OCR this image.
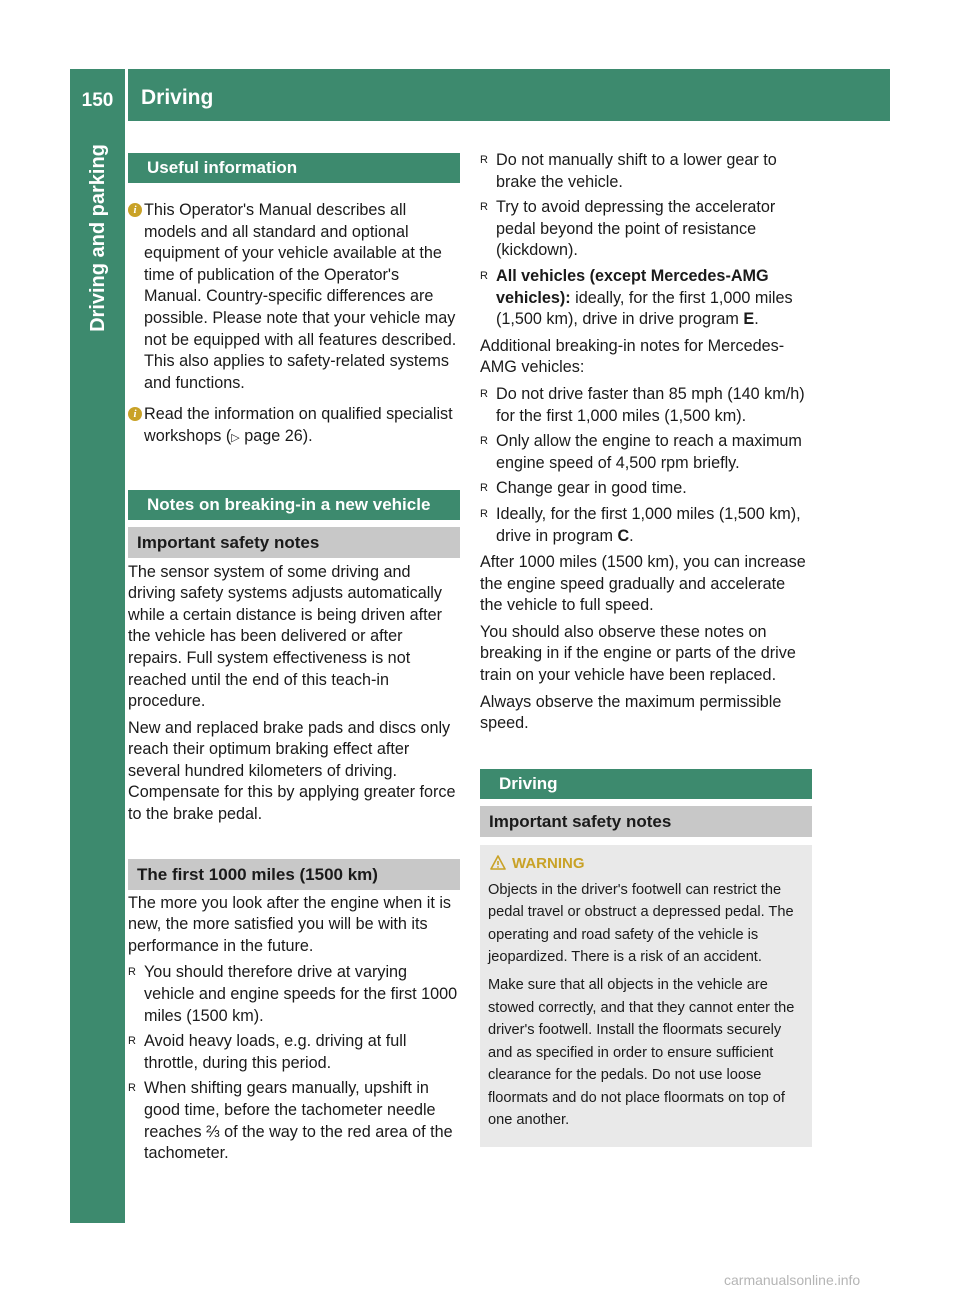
150	Driving
Driving and parking	Useful information
i This Operator's Manual describes all models and all standard and optional equipment of your vehicle available at the time of publication of the Operator's Manual. Country-specific differences are possible. Please note that your vehicle may not be equipped with all features described. This also applies to safety-related systems and functions.
i Read the information on qualified specialist workshops (▷ page 26).
Notes on breaking-in a new vehicle
Important safety notes

The sensor system of some driving and driving safety systems adjusts automatically while a certain distance is being driven after the vehicle has been delivered or after repairs. Full system effectiveness is not reached until the end of this teach-in procedure.

New and replaced brake pads and discs only reach their optimum braking effect after several hundred kilometers of driving. Compensate for this by applying greater force to the brake pedal.

The first 1000 miles (1500 km)

The more you look after the engine when it is new, the more satisfied you will be with its performance in the future.

R You should therefore drive at varying vehicle and engine speeds for the first 1000 miles (1500 km).
R Avoid heavy loads, e.g. driving at full throttle, during this period.
R When shifting gears manually, upshift in good time, before the tachometer needle reaches ⅔ of the way to the red area of the tachometer.
R Do not manually shift to a lower gear to brake the vehicle.
R Try to avoid depressing the accelerator pedal beyond the point of resistance (kickdown).
R All vehicles (except Mercedes-AMG vehicles): ideally, for the first 1,000 miles (1,500 km), drive in drive program E.

Additional breaking-in notes for Mercedes-AMG vehicles:

R Do not drive faster than 85 mph (140 km/h) for the first 1,000 miles (1,500 km).
R Only allow the engine to reach a maximum engine speed of 4,500 rpm briefly.
R Change gear in good time.
R Ideally, for the first 1,000 miles (1,500 km), drive in program C.

After 1000 miles (1500 km), you can increase the engine speed gradually and accelerate the vehicle to full speed.

You should also observe these notes on breaking in if the engine or parts of the drive train on your vehicle have been replaced.

Always observe the maximum permissible speed.

Driving
Important safety notes
WARNING

Objects in the driver's footwell can restrict the pedal travel or obstruct a depressed pedal. The operating and road safety of the vehicle is jeopardized. There is a risk of an accident.

Make sure that all objects in the vehicle are stowed correctly, and that they cannot enter the driver's footwell. Install the floormats securely and as specified in order to ensure sufficient clearance for the pedals. Do not use loose floormats and do not place floormats on top of one another.

carmanualsonline.info
